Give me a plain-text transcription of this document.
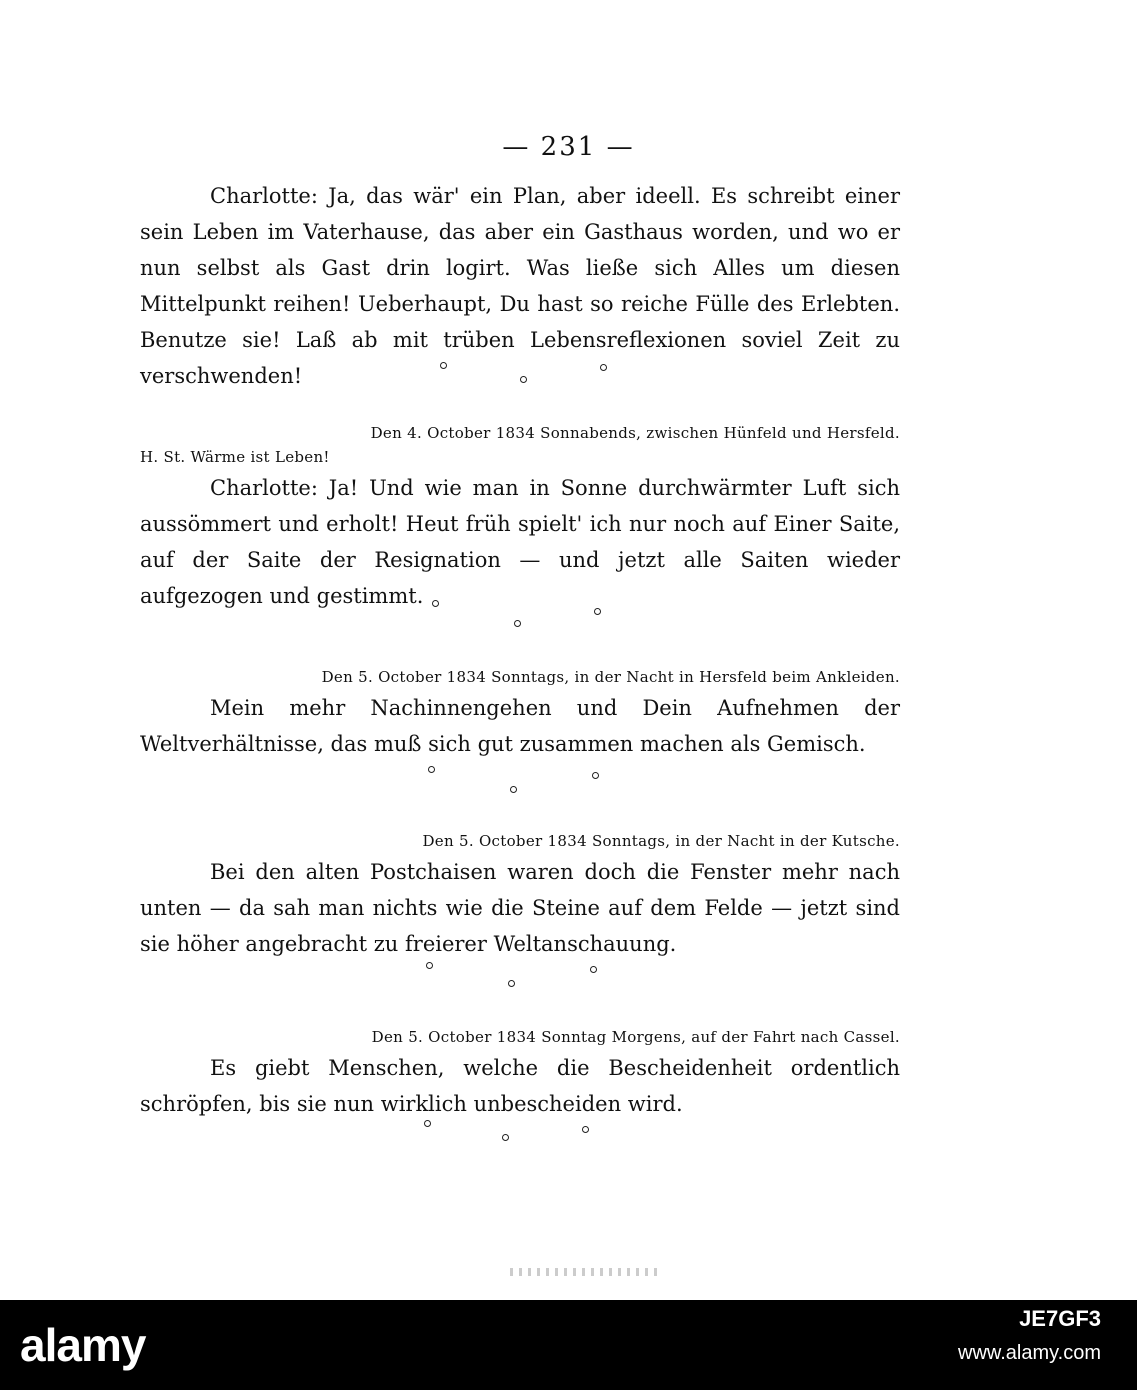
— 231 —

Charlotte: Ja, das wär' ein Plan, aber ideell. Es schreibt einer sein Leben im Vaterhause, das aber ein Gasthaus worden, und wo er nun selbst als Gast drin logirt. Was ließe sich Alles um diesen Mittelpunkt reihen! Ueberhaupt, Du hast so reiche Fülle des Erlebten. Benutze sie! Laß ab mit trüben Lebensreflexionen soviel Zeit zu verschwenden!

Den 4. October 1834 Sonnabends, zwischen Hünfeld und Hersfeld.
H. St. Wärme ist Leben!

Charlotte: Ja! Und wie man in Sonne durchwärmter Luft sich aussömmert und erholt! Heut früh spielt' ich nur noch auf Einer Saite, auf der Saite der Resignation — und jetzt alle Saiten wieder aufgezogen und gestimmt.

Den 5. October 1834 Sonntags, in der Nacht in Hersfeld beim Ankleiden.

Mein mehr Nachinnengehen und Dein Aufnehmen der Weltverhältnisse, das muß sich gut zusammen machen als Gemisch.

Den 5. October 1834 Sonntags, in der Nacht in der Kutsche.

Bei den alten Postchaisen waren doch die Fenster mehr nach unten — da sah man nichts wie die Steine auf dem Felde — jetzt sind sie höher angebracht zu freierer Weltanschauung.

Den 5. October 1834 Sonntag Morgens, auf der Fahrt nach Cassel.

Es giebt Menschen, welche die Bescheidenheit ordentlich schröpfen, bis sie nun wirklich unbescheiden wird.

alamy
JE7GF3
www.alamy.com
